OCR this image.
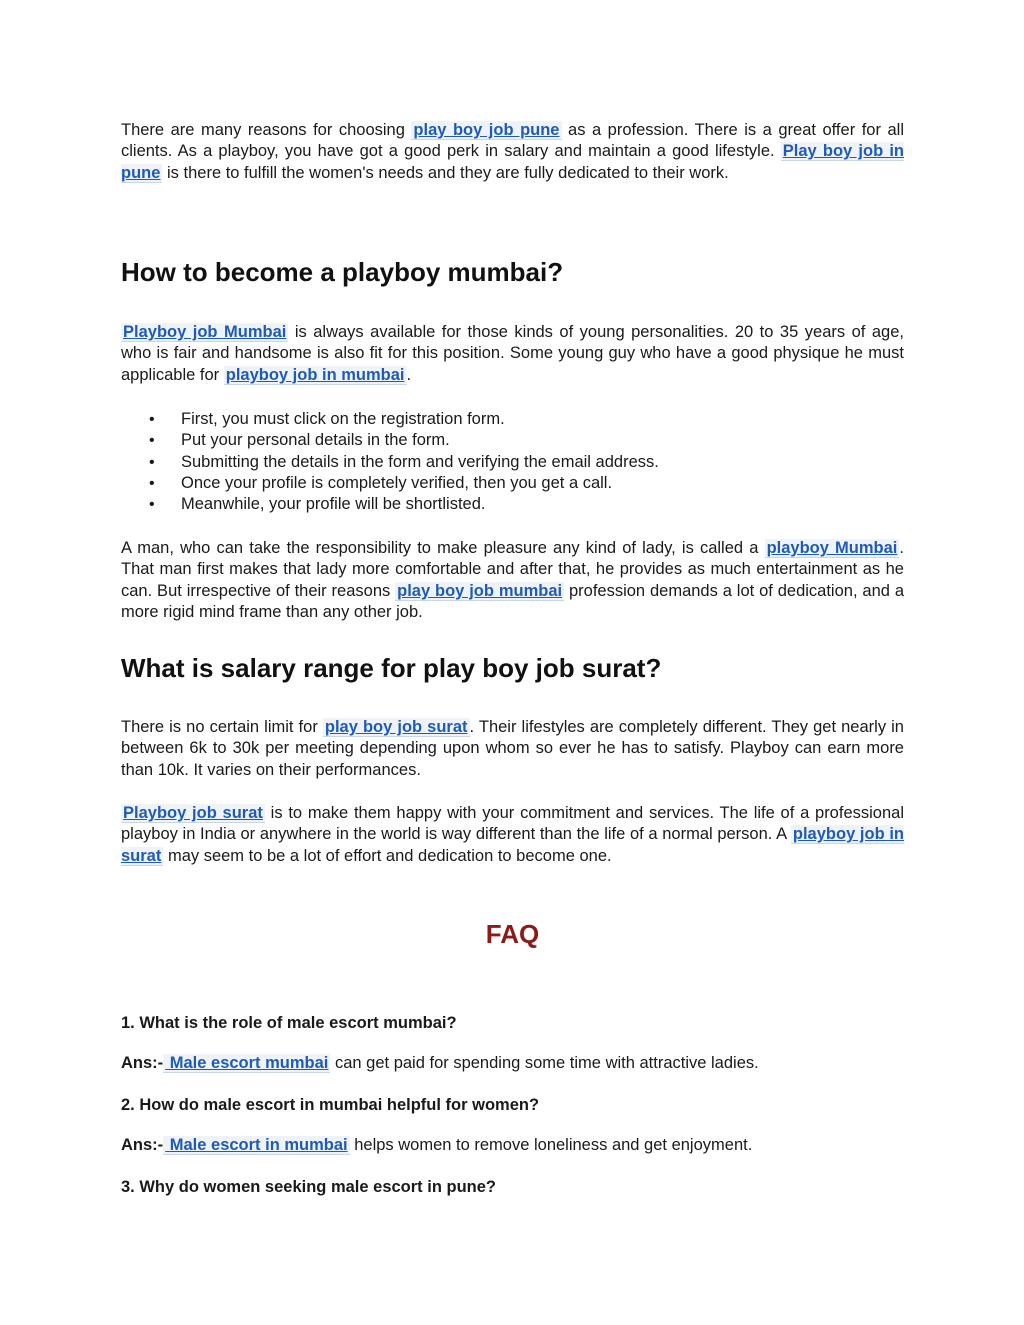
There are many reasons for choosing play boy job pune as a profession. There is a great offer for all clients. As a playboy, you have got a good perk in salary and maintain a good lifestyle. Play boy job in pune is there to fulfill the women's needs and they are fully dedicated to their work.

How to become a playboy mumbai?

Playboy job Mumbai is always available for those kinds of young personalities. 20 to 35 years of age, who is fair and handsome is also fit for this position. Some young guy who have a good physique he must applicable for playboy job in mumbai .

• First, you must click on the registration form.
• Put your personal details in the form.
• Submitting the details in the form and verifying the email address.
• Once your profile is completely verified, then you get a call.
• Meanwhile, your profile will be shortlisted.

A man, who can take the responsibility to make pleasure any kind of lady, is called a playboy Mumbai . That man first makes that lady more comfortable and after that, he provides as much entertainment as he can. But irrespective of their reasons play boy job mumbai profession demands a lot of dedication, and a more rigid mind frame than any other job.

What is salary range for play boy job surat?

There is no certain limit for play boy job surat . Their lifestyles are completely different. They get nearly in between 6k to 30k per meeting depending upon whom so ever he has to satisfy. Playboy can earn more than 10k. It varies on their performances.

Playboy job surat is to make them happy with your commitment and services. The life of a professional playboy in India or anywhere in the world is way different than the life of a normal person. A playboy job in surat may seem to be a lot of effort and dedication to become one.

FAQ
1. What is the role of male escort mumbai?
Ans:- Male escort mumbai can get paid for spending some time with attractive ladies.
2. How do male escort in mumbai helpful for women?
Ans:- Male escort in mumbai helps women to remove loneliness and get enjoyment.
3. Why do women seeking male escort in pune?
